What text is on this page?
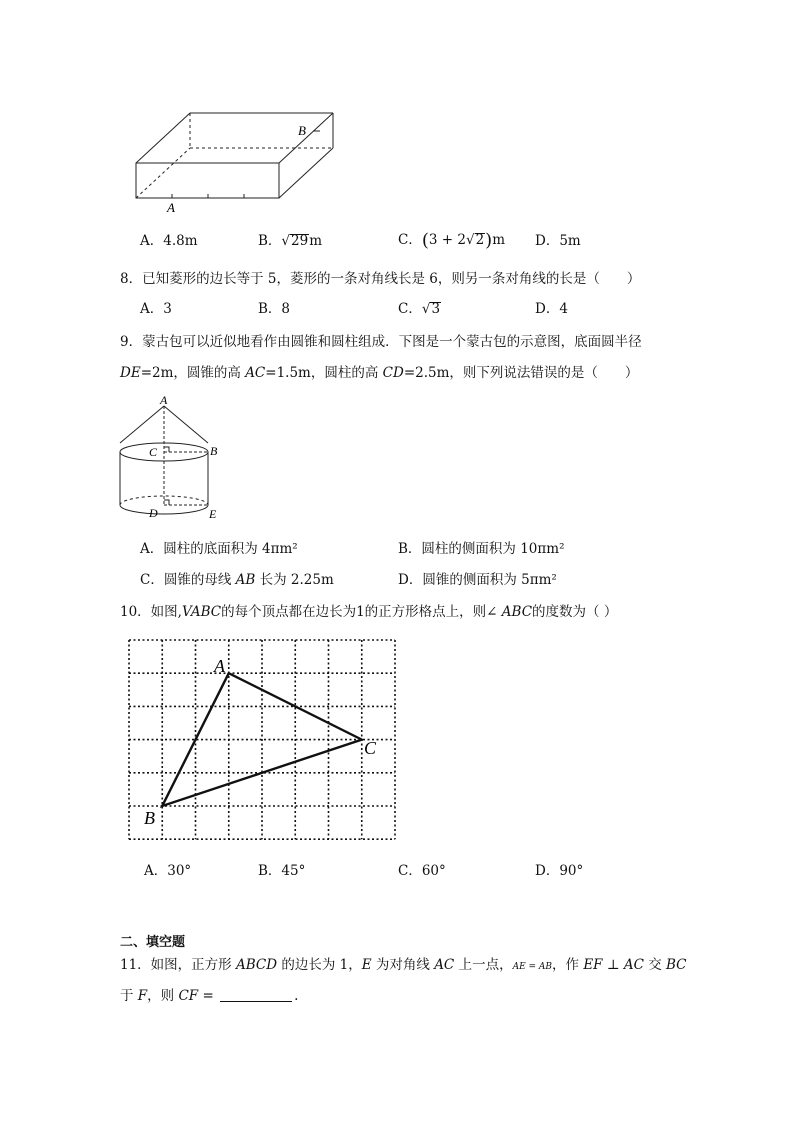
A
B
A．4.8m	B．√29m	C．(3 + 2√2)m D．5m
8．已知菱形的边长等于 5，菱形的一条对角线长是 6，则另一条对角线的长是（　　）
A．3	B．8	C．√3	D．4
9．蒙古包可以近似地看作由圆锥和圆柱组成．下图是一个蒙古包的示意图，底面圆半径
DE=2m，圆锥的高 AC=1.5m，圆柱的高 CD=2.5m，则下列说法错误的是（　　）
A
B
C
D	E
A．圆柱的底面积为 4πm²	B．圆柱的侧面积为 10πm²
C．圆锥的母线 AB 长为 2.25m	D．圆锥的侧面积为 5πm²
10．如图,VABC的每个顶点都在边长为1的正方形格点上，则∠ ABC的度数为（ ）
A
B
C
A．30°	B．45°	C．60°	D．90°
二、填空题
11．如图，正方形 ABCD 的边长为 1，E 为对角线 AC 上一点，AE = AB，作 EF ⊥ AC 交 BC
于 F，则 CF =	.
